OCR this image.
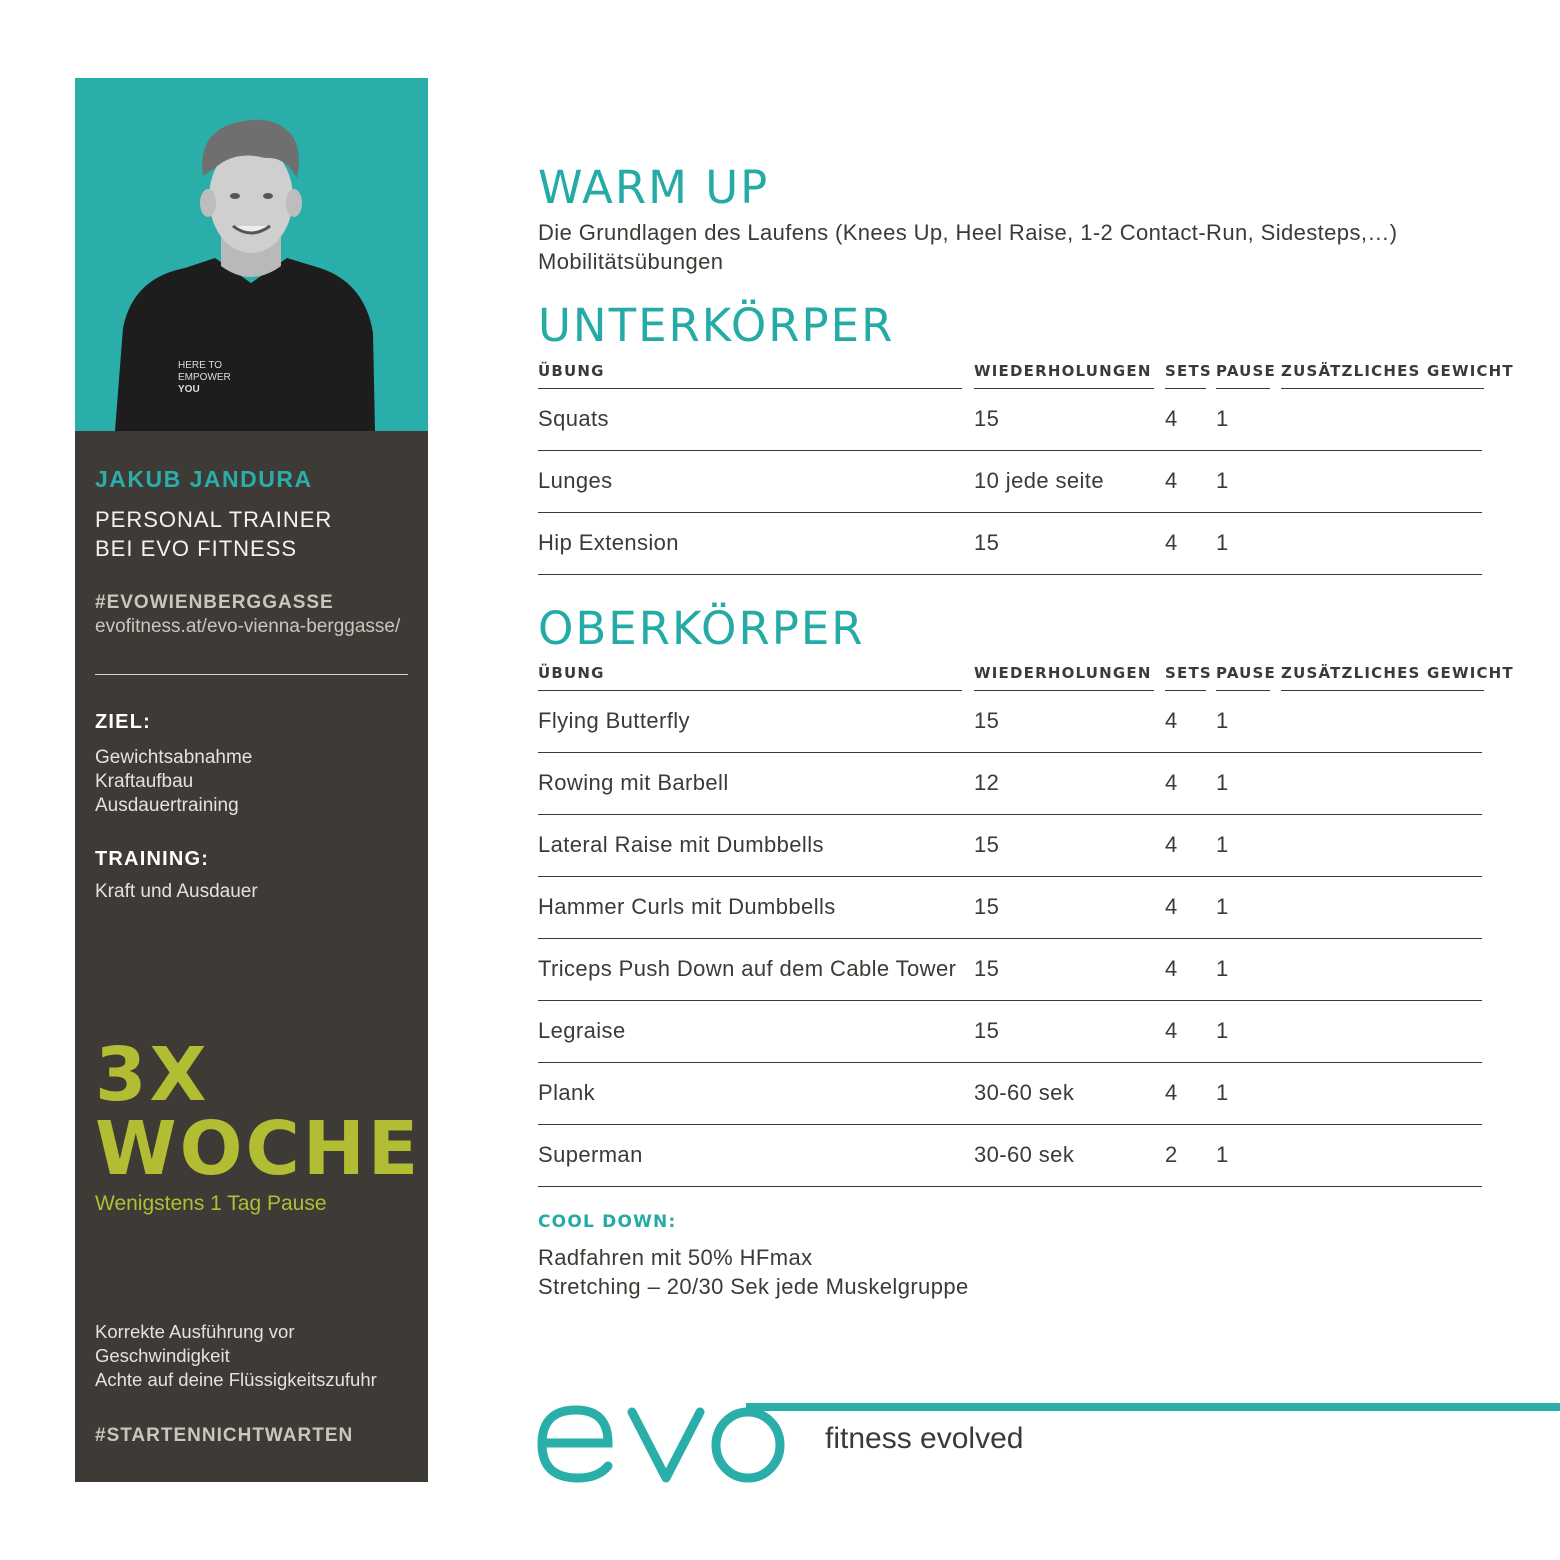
HERE TO
EMPOWER
YOU
JAKUB JANDURA
PERSONAL TRAINER
BEI EVO FITNESS
#EVOWIENBERGGASSE
evofitness.at/evo-vienna-berggasse/
ZIEL:
Gewichtsabnahme
Kraftaufbau
Ausdauertraining
TRAINING:
Kraft und Ausdauer
3X
WOCHE
Wenigstens 1 Tag Pause
Korrekte Ausführung vor
Geschwindigkeit
Achte auf deine Flüssigkeitszufuhr
#STARTENNICHTWARTEN
WARM UP
Die Grundlagen des Laufens (Knees Up, Heel Raise, 1-2 Contact-Run, Sidesteps,…)
Mobilitätsübungen
UNTERKÖRPER
ÜBUNG	WIEDERHOLUNGEN SETS PAUSE ZUSÄTZLICHES GEWICHT
Squats	15	4 1
Lunges	10 jede seite	4 1
Hip Extension	15	4 1
OBERKÖRPER
ÜBUNG	WIEDERHOLUNGEN SETS PAUSE ZUSÄTZLICHES GEWICHT
Flying Butterfly	15	4 1
Rowing mit Barbell	12	4 1
Lateral Raise mit Dumbbells	15	4 1
Hammer Curls mit Dumbbells	15	4 1
Triceps Push Down auf dem Cable Tower 15	4 1
Legraise	15	4 1
Plank	30-60 sek	4 1
Superman	30-60 sek	2 1
COOL DOWN:
Radfahren mit 50% HFmax
Stretching – 20/30 Sek jede Muskelgruppe
fitness evolved
